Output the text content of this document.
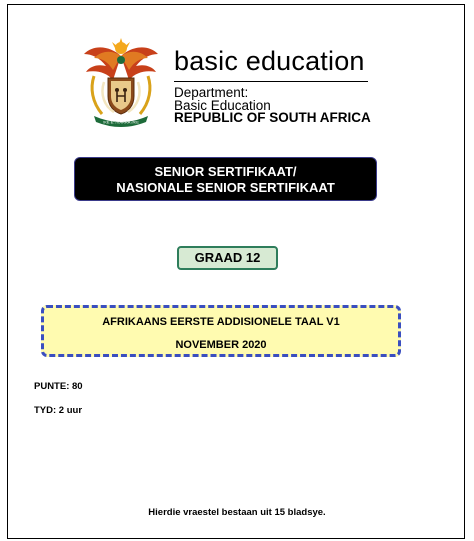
!KE E: /XARRA //KE
basic education
Department:
Basic Education
REPUBLIC OF SOUTH AFRICA
SENIOR SERTIFIKAAT/
NASIONALE SENIOR SERTIFIKAAT
GRAAD 12
AFRIKAANS EERSTE ADDISIONELE TAAL V1
NOVEMBER 2020
PUNTE: 80
TYD: 2 uur
Hierdie vraestel bestaan uit 15 bladsye.
